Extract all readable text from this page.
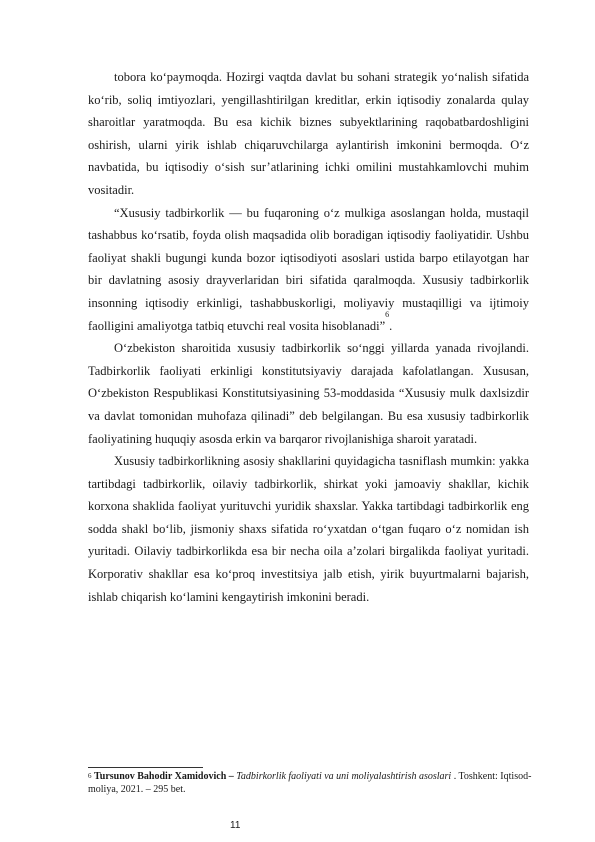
tobora ko‘paymoqda. Hozirgi vaqtda davlat bu sohani strategik yo‘nalish sifatida ko‘rib, soliq imtiyozlari, yengillashtirilgan kreditlar, erkin iqtisodiy zonalarda qulay sharoitlar yaratmoqda. Bu esa kichik biznes subyektlarining raqobatbardoshligini oshirish, ularni yirik ishlab chiqaruvchilarga aylantirish imkonini bermoqda. O‘z navbatida, bu iqtisodiy o‘sish sur’atlarining ichki omilini mustahkamlovchi muhim vositadir.

“Xususiy tadbirkorlik — bu fuqaroning o‘z mulkiga asoslangan holda, mustaqil tashabbus ko‘rsatib, foyda olish maqsadida olib boradigan iqtisodiy faoliyatidir. Ushbu faoliyat shakli bugungi kunda bozor iqtisodiyoti asoslari ustida barpo etilayotgan har bir davlatning asosiy drayverlaridan biri sifatida qaralmoqda. Xususiy tadbirkorlik insonning iqtisodiy erkinligi, tashabbuskorligi, moliyaviy mustaqilligi va ijtimoiy faolligini amaliyotga tatbiq etuvchi real vosita hisoblanadi”$^6$.

O‘zbekiston sharoitida xususiy tadbirkorlik so‘nggi yillarda yanada rivojlandi. Tadbirkorlik faoliyati erkinligi konstitutsiyaviy darajada kafolatlangan. Xususan, O‘zbekiston Respublikasi Konstitutsiyasining 53-moddasida “Xususiy mulk daxlsizdir va davlat tomonidan muhofaza qilinadi” deb belgilangan. Bu esa xususiy tadbirkorlik faoliyatining huquqiy asosda erkin va barqaror rivojlanishiga sharoit yaratadi.

Xususiy tadbirkorlikning asosiy shakllarini quyidagicha tasniflash mumkin: yakka tartibdagi tadbirkorlik, oilaviy tadbirkorlik, shirkat yoki jamoaviy shakllar, kichik korxona shaklida faoliyat yurituvchi yuridik shaxslar. Yakka tartibdagi tadbirkorlik eng sodda shakl bo‘lib, jismoniy shaxs sifatida ro‘yxatdan o‘tgan fuqaro o‘z nomidan ish yuritadi. Oilaviy tadbirkorlikda esa bir necha oila a’zolari birgalikda faoliyat yuritadi. Korporativ shakllar esa ko‘proq investitsiya jalb etish, yirik buyurtmalarni bajarish, ishlab chiqarish ko‘lamini kengaytirish imkonini beradi.

$^6$ Tursunov Bahodir Xamidovich – Tadbirkorlik faoliyati va uni moliyalashtirish asoslari . Toshkent: Iqtisod-moliya, 2021. – 295 bet.
11
